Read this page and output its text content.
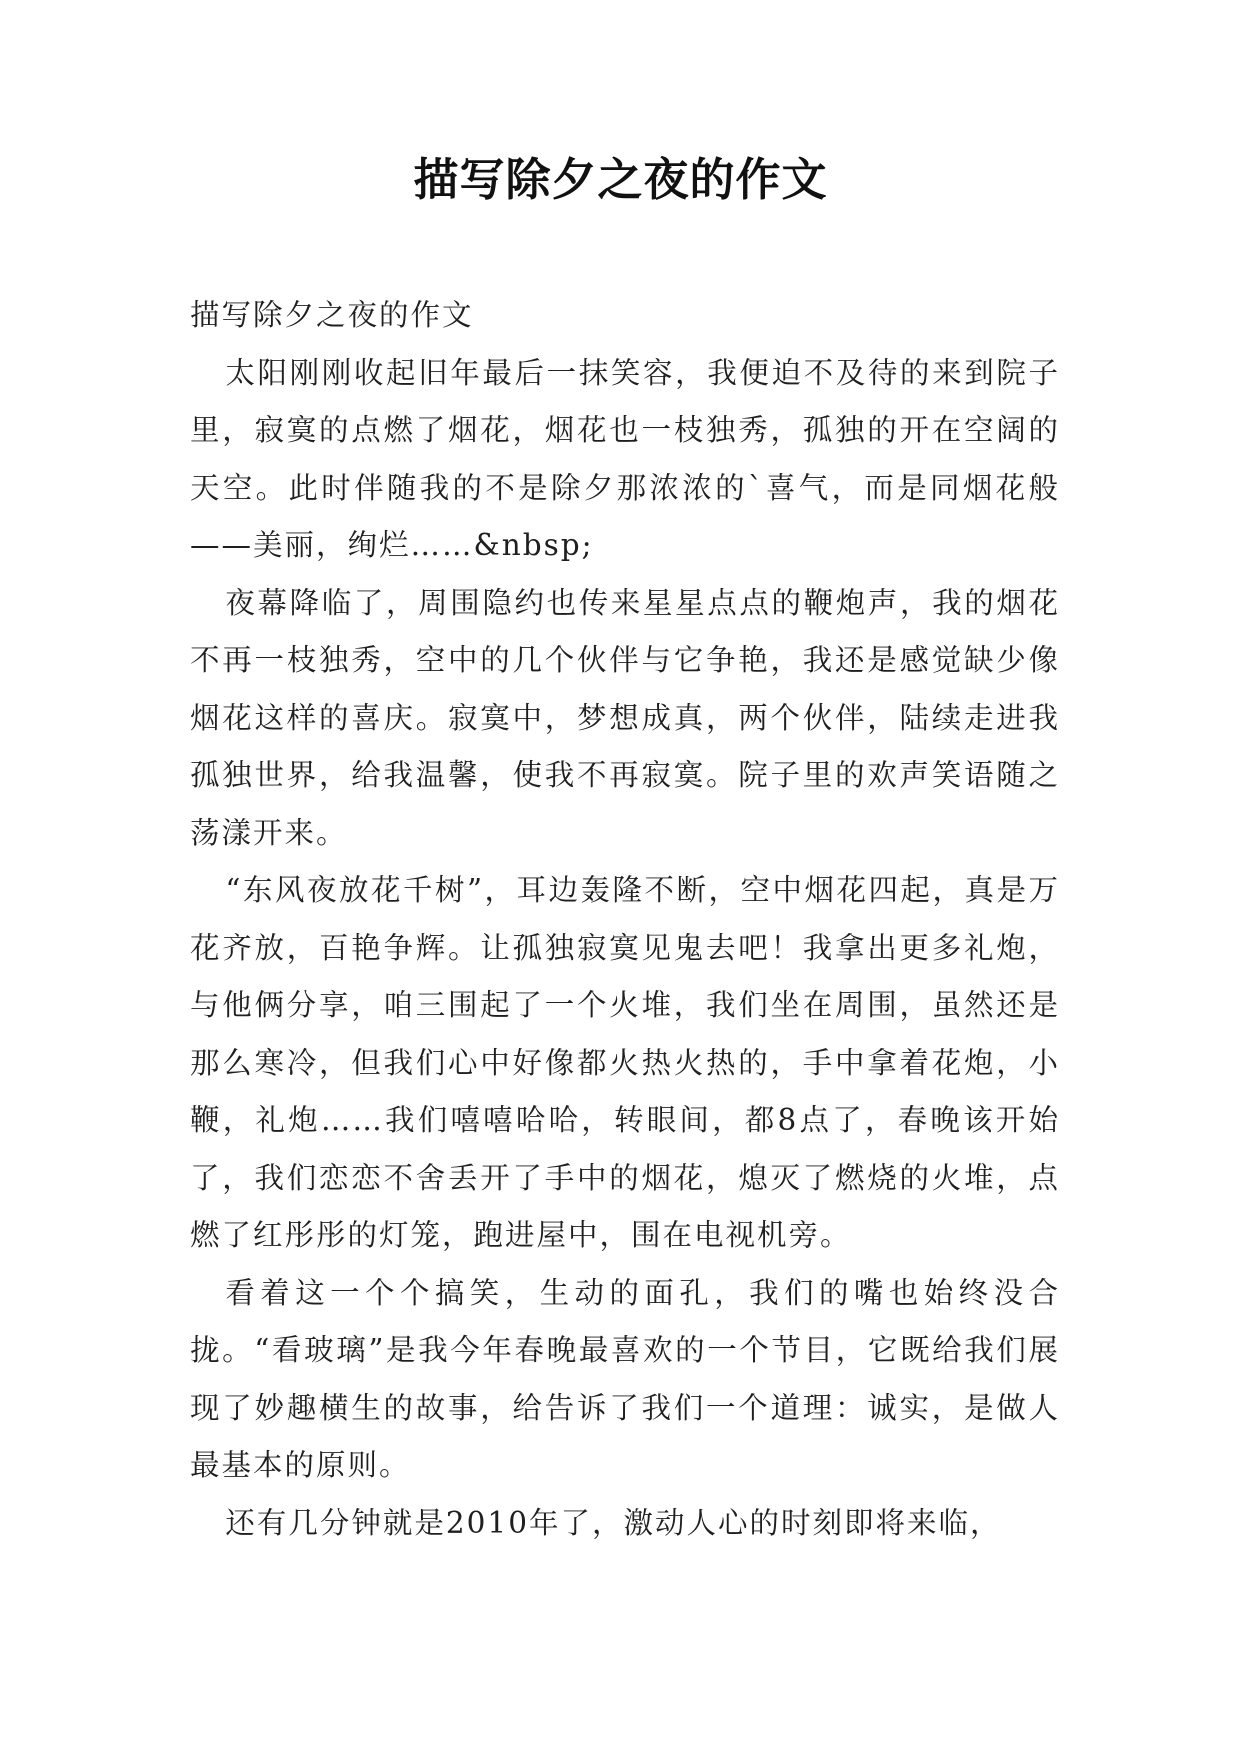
描写除夕之夜的作文

描写除夕之夜的作文

太阳刚刚收起旧年最后一抹笑容，我便迫不及待的来到院子里，寂寞的点燃了烟花，烟花也一枝独秀，孤独的开在空阔的天空。此时伴随我的不是除夕那浓浓的`喜气，而是同烟花般——美丽，绚烂……&nbsp;

夜幕降临了，周围隐约也传来星星点点的鞭炮声，我的烟花不再一枝独秀，空中的几个伙伴与它争艳，我还是感觉缺少像烟花这样的喜庆。寂寞中，梦想成真，两个伙伴，陆续走进我孤独世界，给我温馨，使我不再寂寞。院子里的欢声笑语随之荡漾开来。

“东风夜放花千树”，耳边轰隆不断，空中烟花四起，真是万花齐放，百艳争辉。让孤独寂寞见鬼去吧！我拿出更多礼炮，与他俩分享，咱三围起了一个火堆，我们坐在周围，虽然还是那么寒冷，但我们心中好像都火热火热的，手中拿着花炮，小鞭，礼炮……我们嘻嘻哈哈，转眼间，都8点了，春晚该开始了，我们恋恋不舍丢开了手中的烟花，熄灭了燃烧的火堆，点燃了红彤彤的灯笼，跑进屋中，围在电视机旁。

看着这一个个搞笑，生动的面孔，我们的嘴也始终没合拢。“看玻璃”是我今年春晚最喜欢的一个节目，它既给我们展现了妙趣横生的故事，给告诉了我们一个道理：诚实，是做人最基本的原则。

还有几分钟就是2010年了，激动人心的时刻即将来临，
